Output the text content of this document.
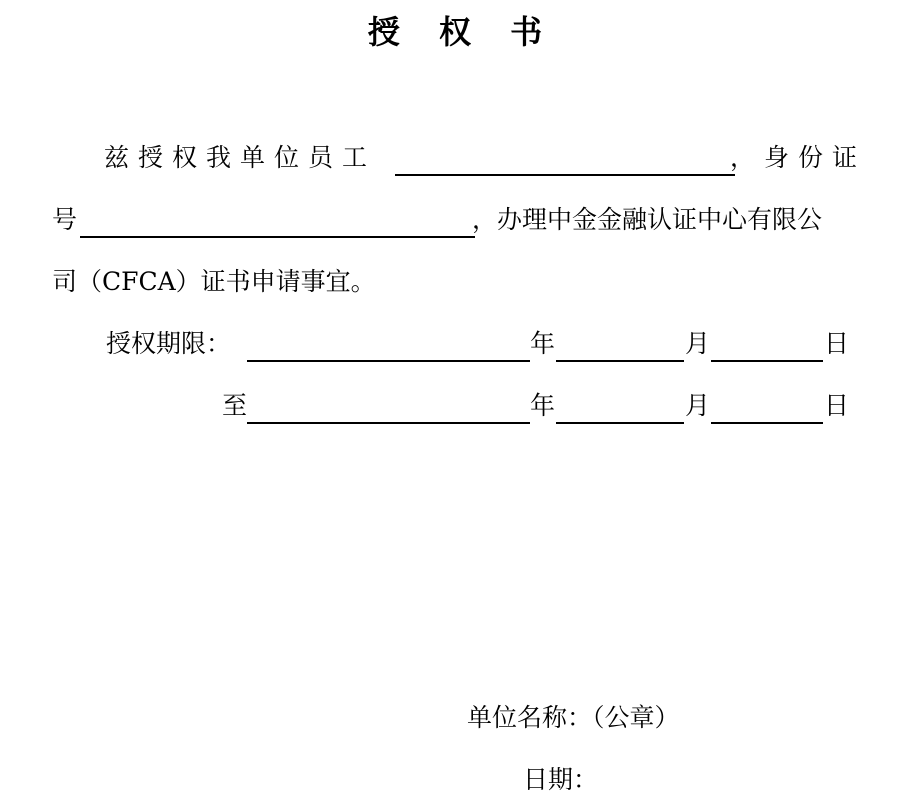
授 权 书
兹授权我单位员工	，身份证
号	，办理中金金融认证中心有限公
司（CFCA）证书申请事宜。
授权期限：	年	月	日
至	年	月	日
单位名称：（公章）
日期：
